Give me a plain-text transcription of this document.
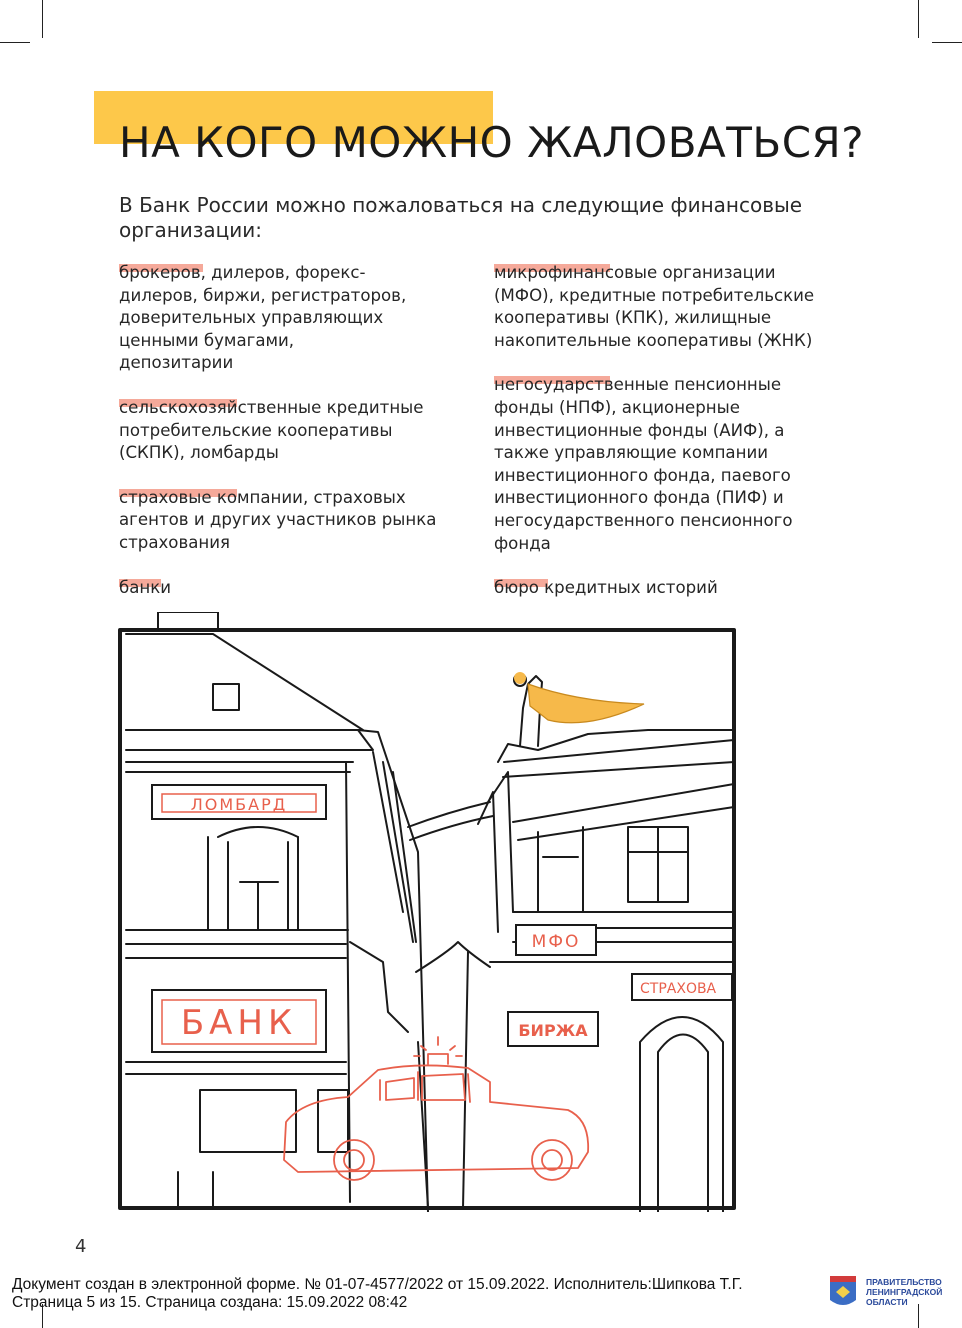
НА КОГО МОЖНО ЖАЛОВАТЬСЯ?
В Банк России можно пожаловаться на следующие финансовые организации:
брокеров, дилеров, форекс-дилеров, биржи, регистраторов, доверительных управляющих ценными бумагами, депозитарии
сельскохозяйственные кредитные потребительские кооперативы (СКПК), ломбарды
страховые компании, страховых агентов и других участников рынка страхования
банки
микрофинансовые организации (МФО), кредитные потребительские кооперативы (КПК), жилищные накопительные кооперативы (ЖНК)
негосударственные пенсионные фонды (НПФ), акционерные инвестиционные фонды (АИФ), а также управляющие компании инвестиционного фонда, паевого инвестиционного фонда (ПИФ) и негосударственного пенсионного фонда
бюро кредитных историй
ЛОМБАРД
БАНК
МФО
БИРЖА
СТРАХОВА
4
Документ создан в электронной форме. № 01-07-4577/2022 от 15.09.2022. Исполнитель:Шипкова Т.Г.
Страница 5 из 15. Страница создана: 15.09.2022 08:42
ПРАВИТЕЛЬСТВО
ЛЕНИНГРАДСКОЙ
ОБЛАСТИ
